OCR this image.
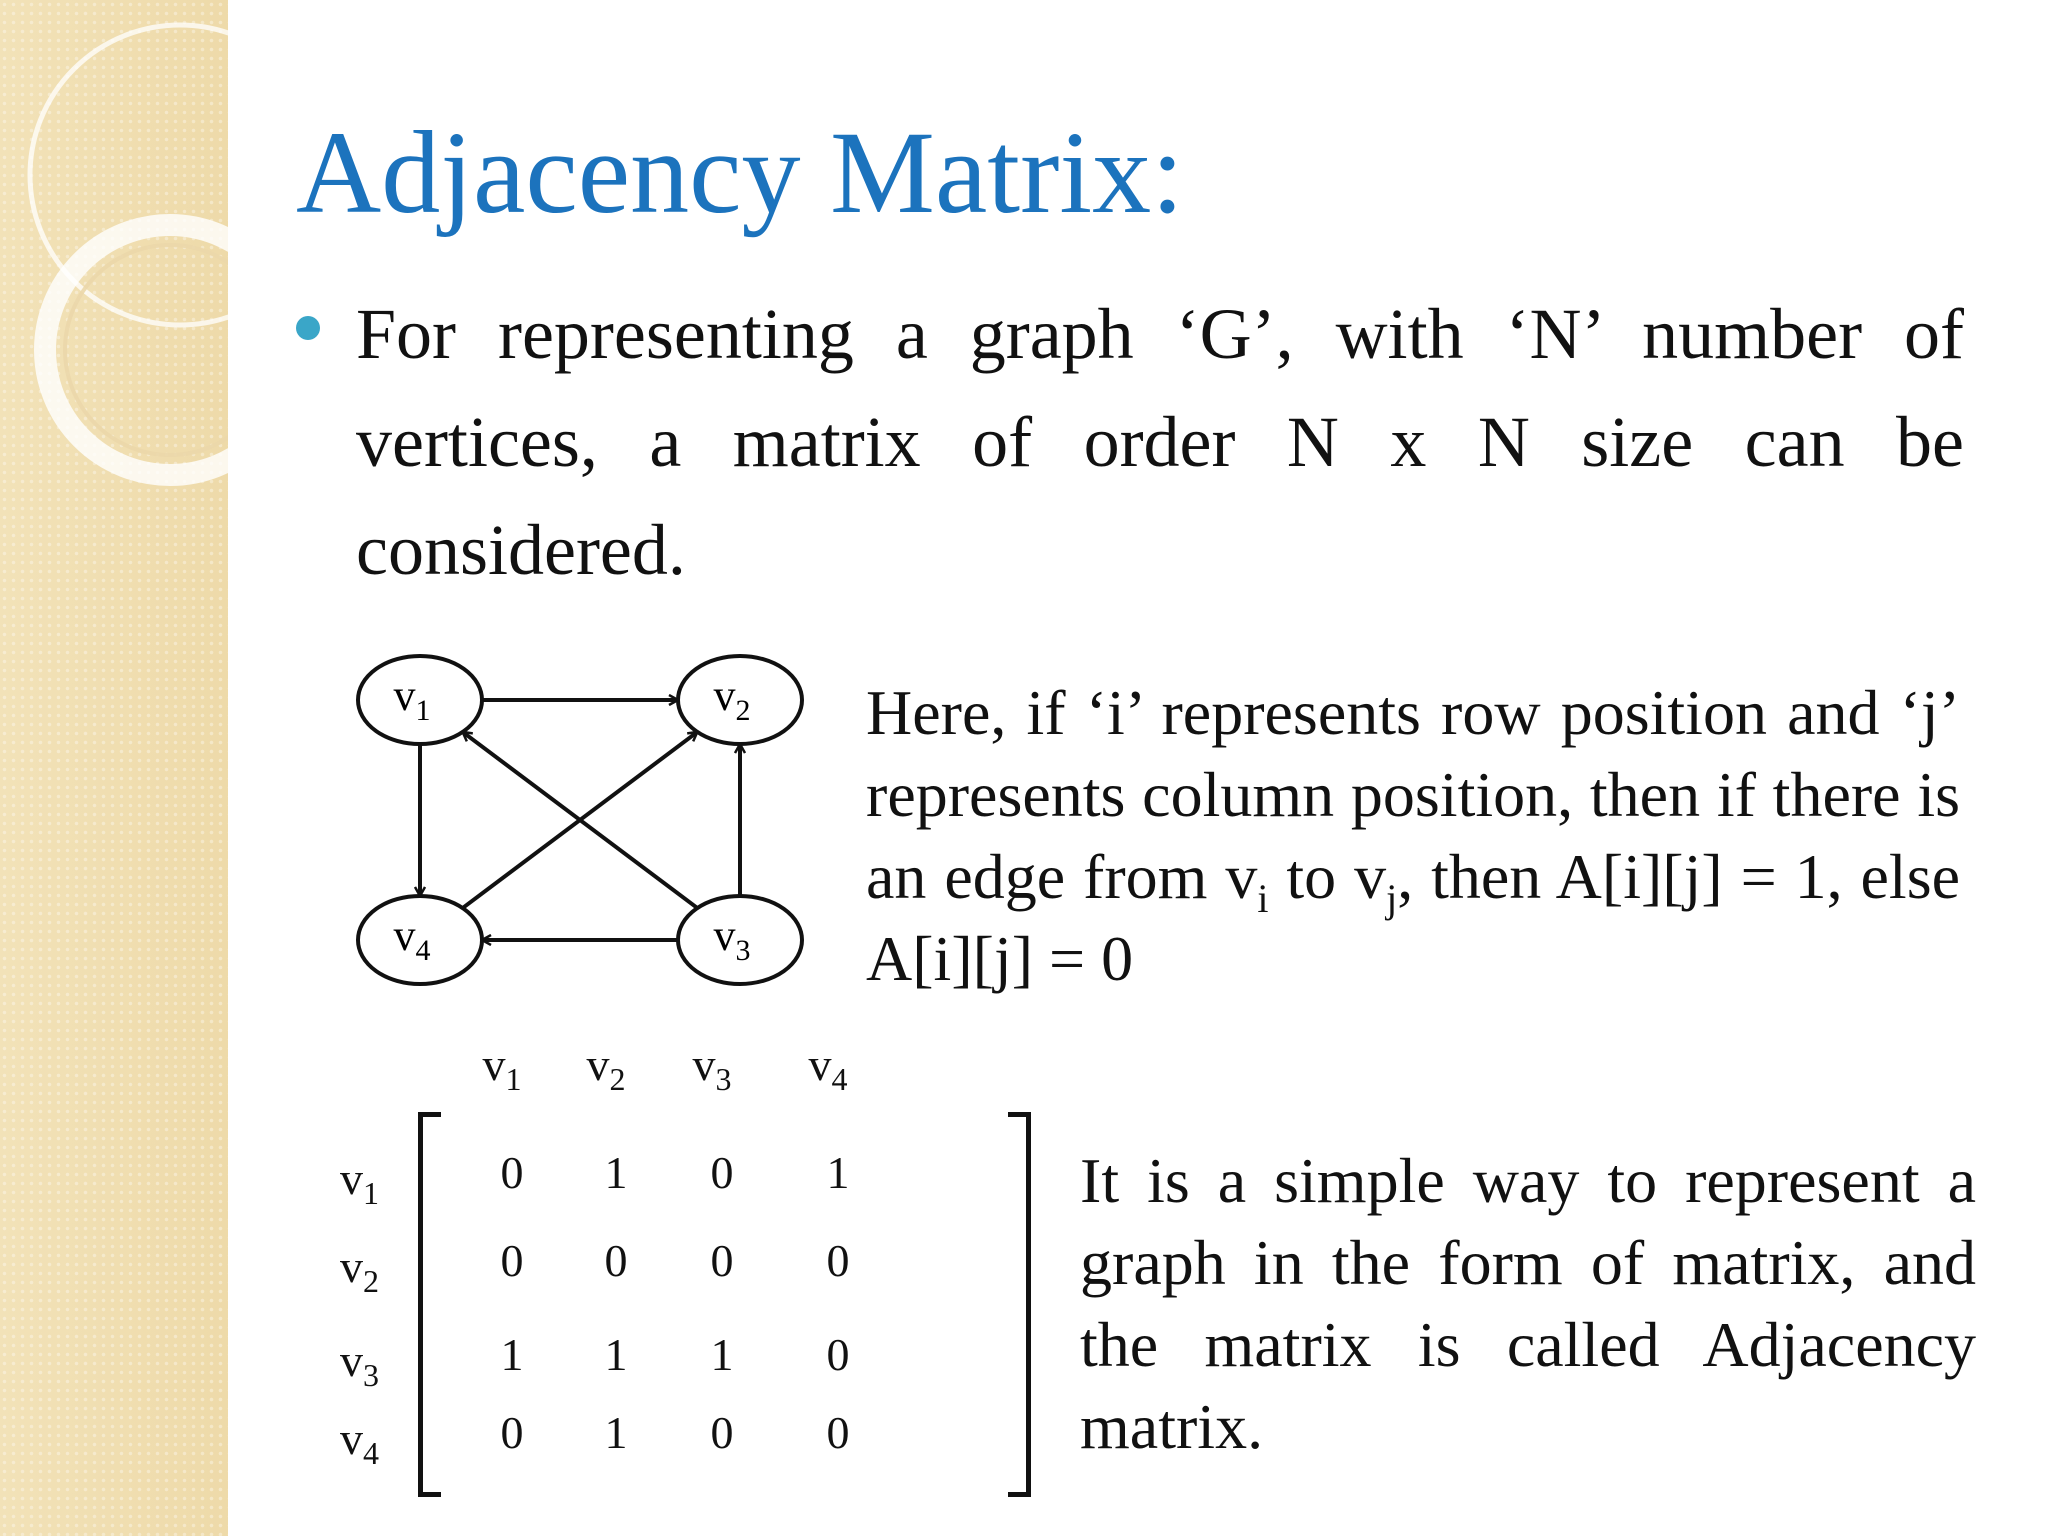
Adjacency Matrix:

For representing a graph ‘G’, with ‘N’ number of vertices, a matrix of order N x N size can be considered.

$v_1$	$v_2$
$v_3$
$v_4$

Here, if ‘i’ represents row position and ‘j’ represents column position, then if there is an edge from $v_i$ to $v_j$, then A[i][j] = 1, else A[i][j] = 0

$v_1$	$v_2$	$v_3$	$v_4$
$v_1$	0	1	0	1
$v_2$	0	0	0	0
$v_3$	1	1	1	0
$v_4$	0	1	0	0

It is a simple way to represent a graph in the form of matrix, and the matrix is called Adjacency matrix.
